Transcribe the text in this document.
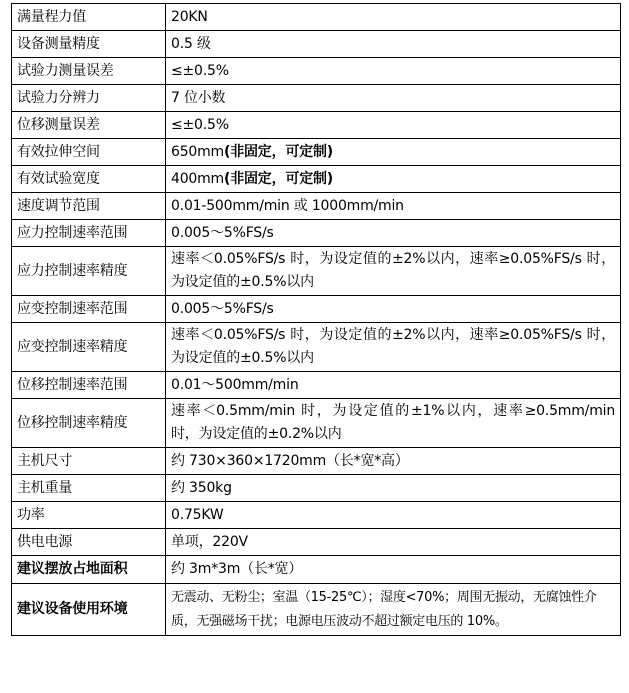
满量程力值	20KN
设备测量精度	0.5 级
试验力测量误差	≤±0.5%
试验力分辨力	7 位小数
位移测量误差	≤±0.5%
有效拉伸空间	650mm(非固定，可定制)
有效试验宽度	400mm(非固定，可定制)
速度调节范围	0.01-500mm/min 或 1000mm/min
应力控制速率范围	0.005～5%FS/s
应力控制速率精度	速率＜0.05%FS/s 时，为设定值的±2%以内，速率≥0.05%FS/s 时，为设定值的±0.5%以内
应变控制速率范围	0.005～5%FS/s
应变控制速率精度	速率＜0.05%FS/s 时，为设定值的±2%以内，速率≥0.05%FS/s 时，为设定值的±0.5%以内
位移控制速率范围	0.01～500mm/min
位移控制速率精度	速率＜0.5mm/min 时，为设定值的±1%以内，速率≥0.5mm/min 时，为设定值的±0.2%以内
主机尺寸	约 730×360×1720mm（长*宽*高）
主机重量	约 350kg
功率	0.75KW
供电电源	单项，220V
建议摆放占地面积	约 3m*3m（长*宽）
建议设备使用环境	无震动、无粉尘；室温（15-25℃）；湿度<70%；周围无振动，无腐蚀性介质，无强磁场干扰；电源电压波动不超过额定电压的 10%。
